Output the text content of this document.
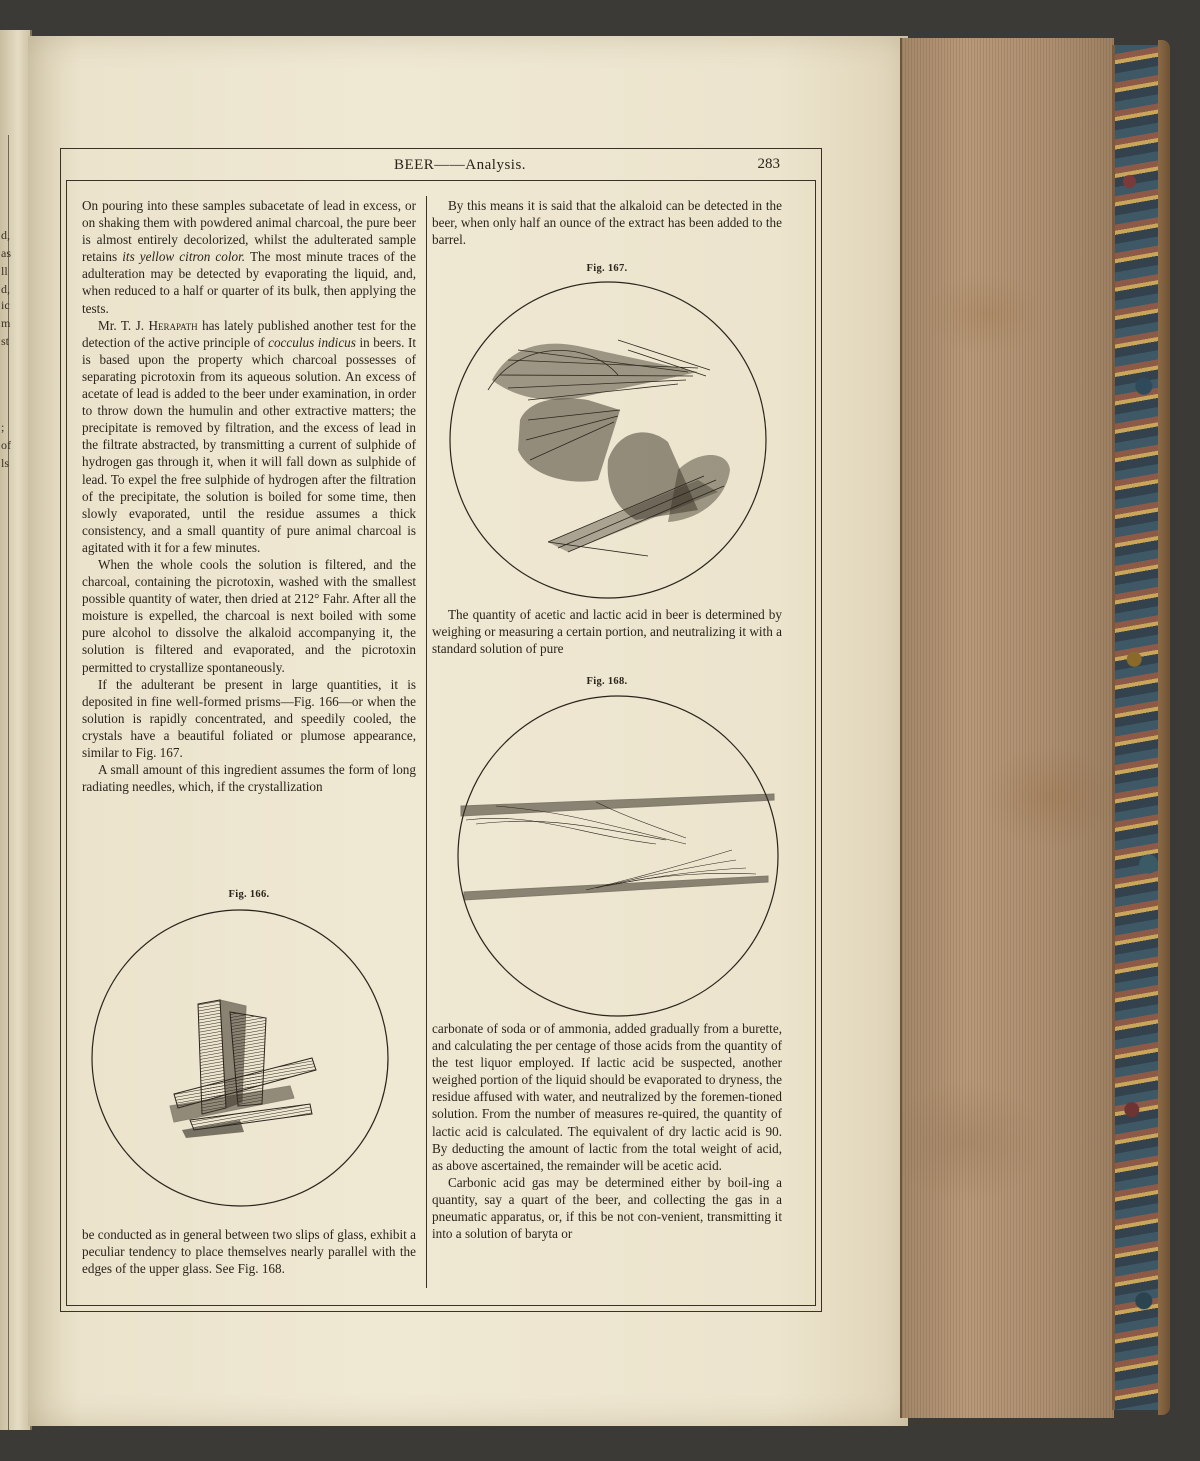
d,
as
ll
d,
ic
m
st
;
of
ls
BEER——Analysis.	283

On pouring into these samples subacetate of lead in excess, or on shaking them with powdered animal charcoal, the pure beer is almost entirely decolorized, whilst the adulterated sample retains its yellow citron color. The most minute traces of the adulteration may be detected by evaporating the liquid, and, when reduced to a half or quarter of its bulk, then applying the tests.

Mr. T. J. Herapath has lately published another test for the detection of the active principle of cocculus indicus in beers. It is based upon the property which charcoal possesses of separating picrotoxin from its aqueous solution. An excess of acetate of lead is added to the beer under examination, in order to throw down the humulin and other extractive matters; the precipitate is removed by filtration, and the excess of lead in the filtrate abstracted, by transmitting a current of sulphide of hydrogen gas through it, when it will fall down as sulphide of lead. To expel the free sulphide of hydrogen after the filtration of the precipitate, the solution is boiled for some time, then slowly evaporated, until the residue assumes a thick consistency, and a small quantity of pure animal charcoal is agitated with it for a few minutes.

When the whole cools the solution is filtered, and the charcoal, containing the picrotoxin, washed with the smallest possible quantity of water, then dried at 212° Fahr. After all the moisture is expelled, the charcoal is next boiled with some pure alcohol to dissolve the alkaloid accompanying it, the solution is filtered and evaporated, and the picrotoxin permitted to crystallize spontaneously.

If the adulterant be present in large quantities, it is deposited in fine well-formed prisms—Fig. 166—or when the solution is rapidly concentrated, and speedily cooled, the crystals have a beautiful foliated or plumose appearance, similar to Fig. 167.

A small amount of this ingredient assumes the form of long radiating needles, which, if the crystallization

Fig. 166.

be conducted as in general between two slips of glass, exhibit a peculiar tendency to place themselves nearly parallel with the edges of the upper glass. See Fig. 168.

By this means it is said that the alkaloid can be detected in the beer, when only half an ounce of the extract has been added to the barrel.

Fig. 167.

The quantity of acetic and lactic acid in beer is determined by weighing or measuring a certain portion, and neutralizing it with a standard solution of pure

Fig. 168.

carbonate of soda or of ammonia, added gradually from a burette, and calculating the per centage of those acids from the quantity of the test liquor employed. If lactic acid be suspected, another weighed portion of the liquid should be evaporated to dryness, the residue affused with water, and neutralized by the foremen-tioned solution. From the number of measures re-quired, the quantity of lactic acid is calculated. The equivalent of dry lactic acid is 90. By deducting the amount of lactic from the total weight of acid, as above ascertained, the remainder will be acetic acid.

Carbonic acid gas may be determined either by boil-ing a quantity, say a quart of the beer, and collecting the gas in a pneumatic apparatus, or, if this be not con-venient, transmitting it into a solution of baryta or
